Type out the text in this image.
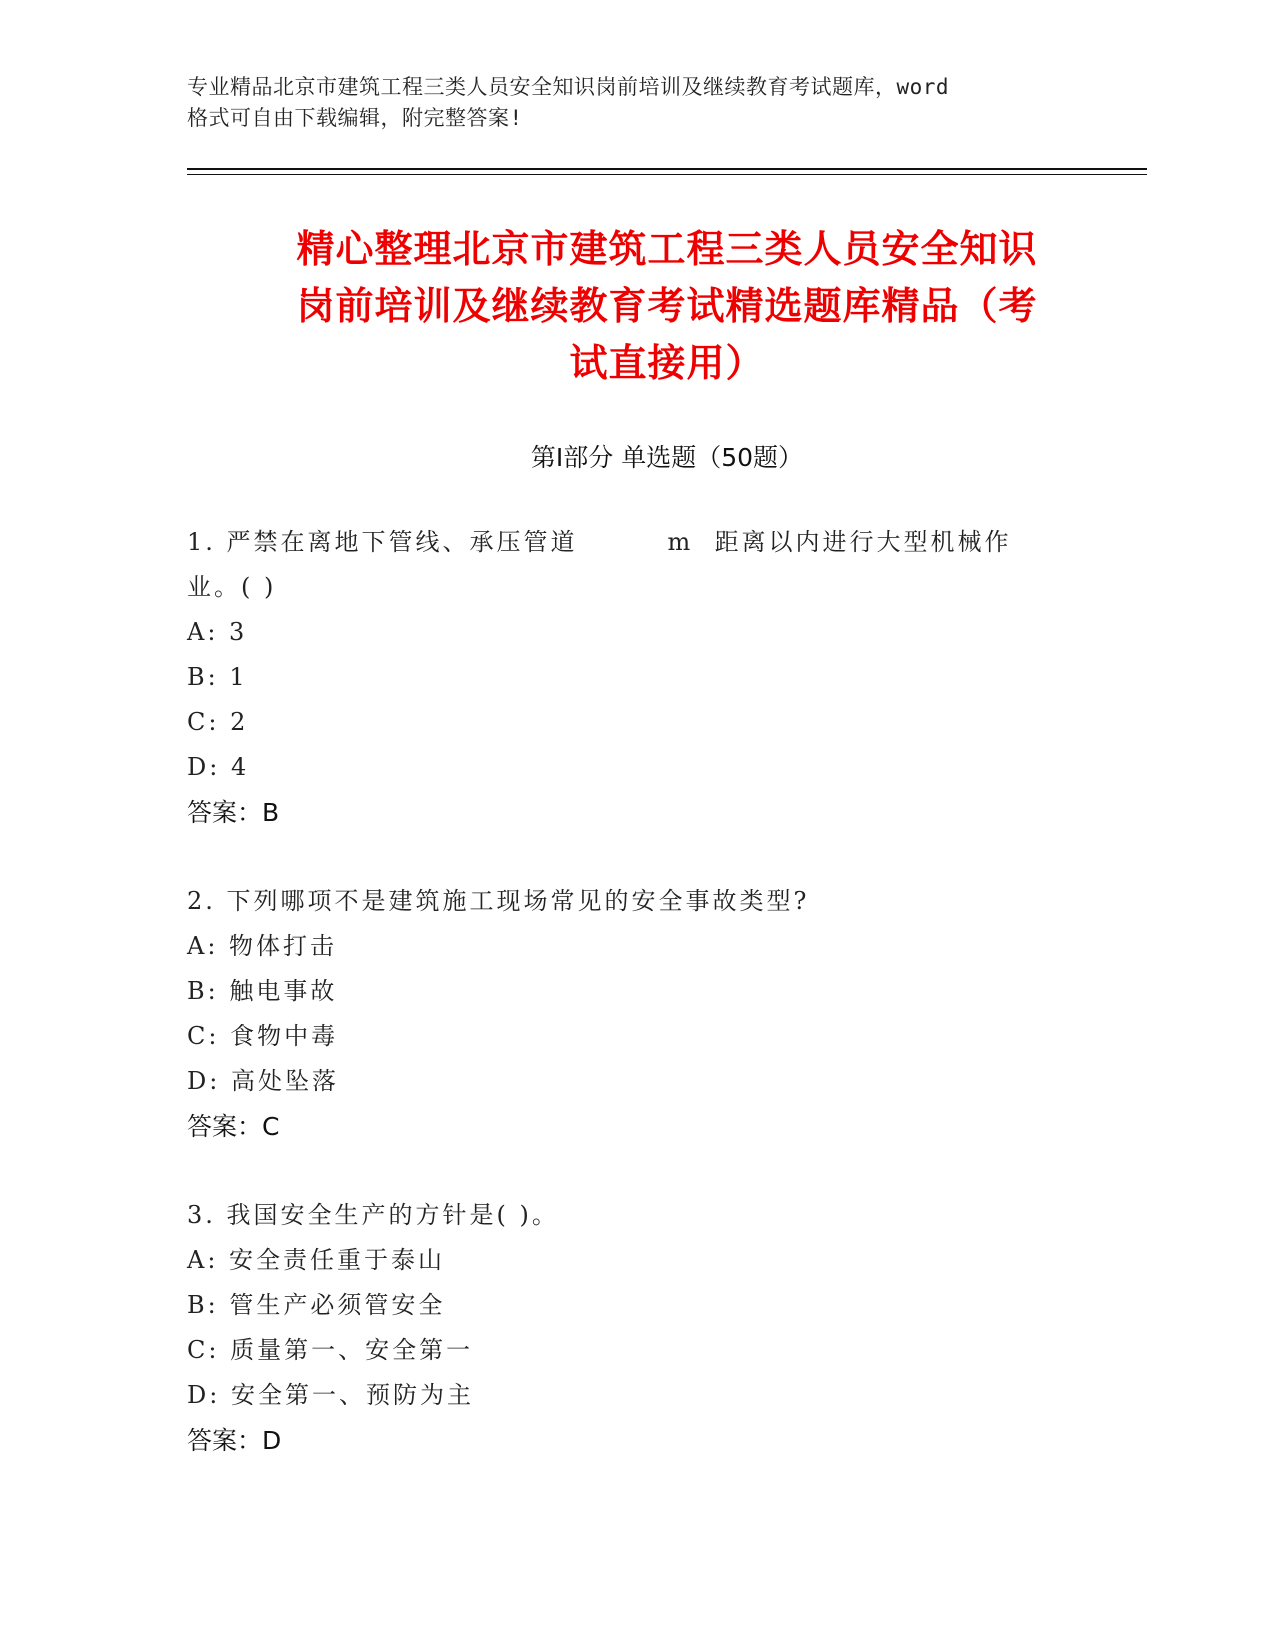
专业精品北京市建筑工程三类人员安全知识岗前培训及继续教育考试题库，word
格式可自由下载编辑，附完整答案!
精心整理北京市建筑工程三类人员安全知识
岗前培训及继续教育考试精选题库精品（考
试直接用）
第Ⅰ部分 单选题（50题）
1. 严禁在离地下管线、承压管道	m 距离以内进行大型机械作
业。( )
A: 3
B: 1
C: 2
D: 4
答案：B
2. 下列哪项不是建筑施工现场常见的安全事故类型?
A: 物体打击
B: 触电事故
C: 食物中毒
D: 高处坠落
答案：C
3. 我国安全生产的方针是( )。
A: 安全责任重于泰山
B: 管生产必须管安全
C: 质量第一、安全第一
D: 安全第一、预防为主
答案：D
